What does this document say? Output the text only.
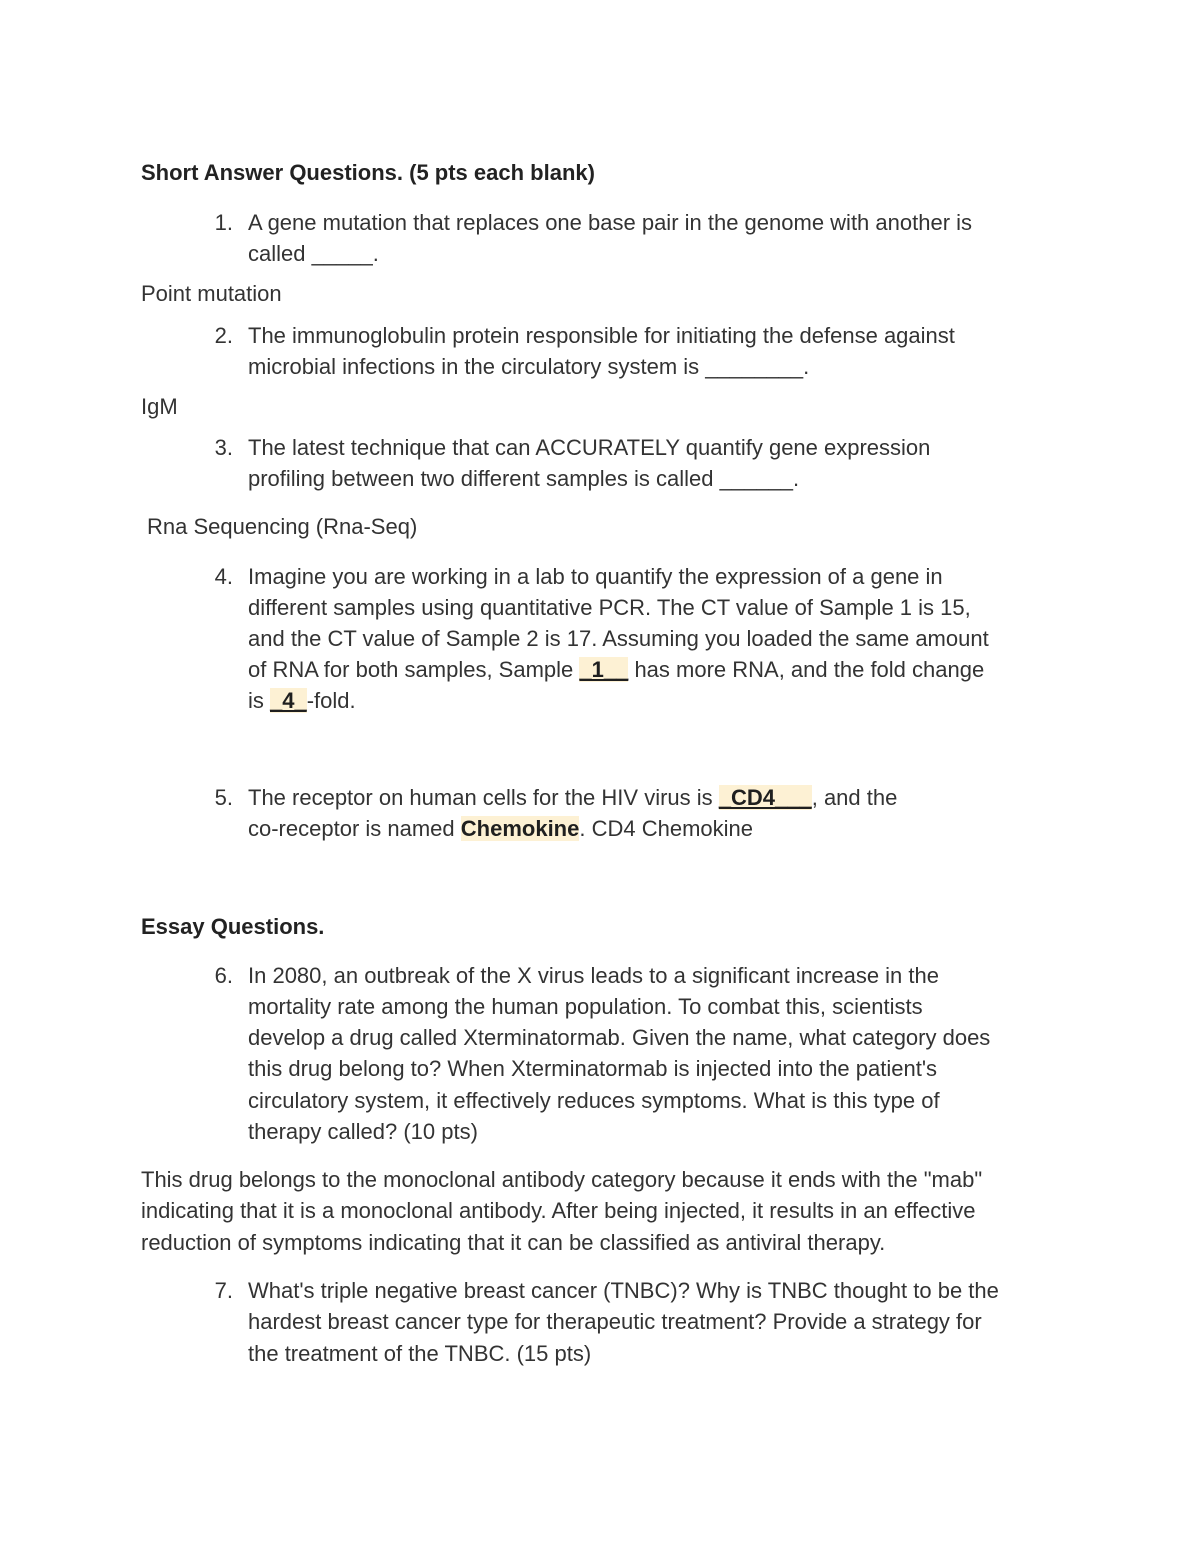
Short Answer Questions. (5 pts each blank)
1. A gene mutation that replaces one base pair in the genome with another is
called _____.
Point mutation
2. The immunoglobulin protein responsible for initiating the defense against
microbial infections in the circulatory system is ________.
IgM
3. The latest technique that can ACCURATELY quantify gene expression
profiling between two different samples is called ______.
Rna Sequencing (Rna-Seq)
4. Imagine you are working in a lab to quantify the expression of a gene in
different samples using quantitative PCR. The CT value of Sample 1 is 15,
and the CT value of Sample 2 is 17. Assuming you loaded the same amount
of RNA for both samples, Sample _1__ has more RNA, and the fold change
is _4_-fold.
5. The receptor on human cells for the HIV virus is _CD4___, and the
co-receptor is named Chemokine. CD4 Chemokine
Essay Questions.
6. In 2080, an outbreak of the X virus leads to a significant increase in the
mortality rate among the human population. To combat this, scientists
develop a drug called Xterminatormab. Given the name, what category does
this drug belong to? When Xterminatormab is injected into the patient's
circulatory system, it effectively reduces symptoms. What is this type of
therapy called? (10 pts)
This drug belongs to the monoclonal antibody category because it ends with the "mab"
indicating that it is a monoclonal antibody. After being injected, it results in an effective
reduction of symptoms indicating that it can be classified as antiviral therapy.
7. What's triple negative breast cancer (TNBC)? Why is TNBC thought to be the
hardest breast cancer type for therapeutic treatment? Provide a strategy for
the treatment of the TNBC. (15 pts)
